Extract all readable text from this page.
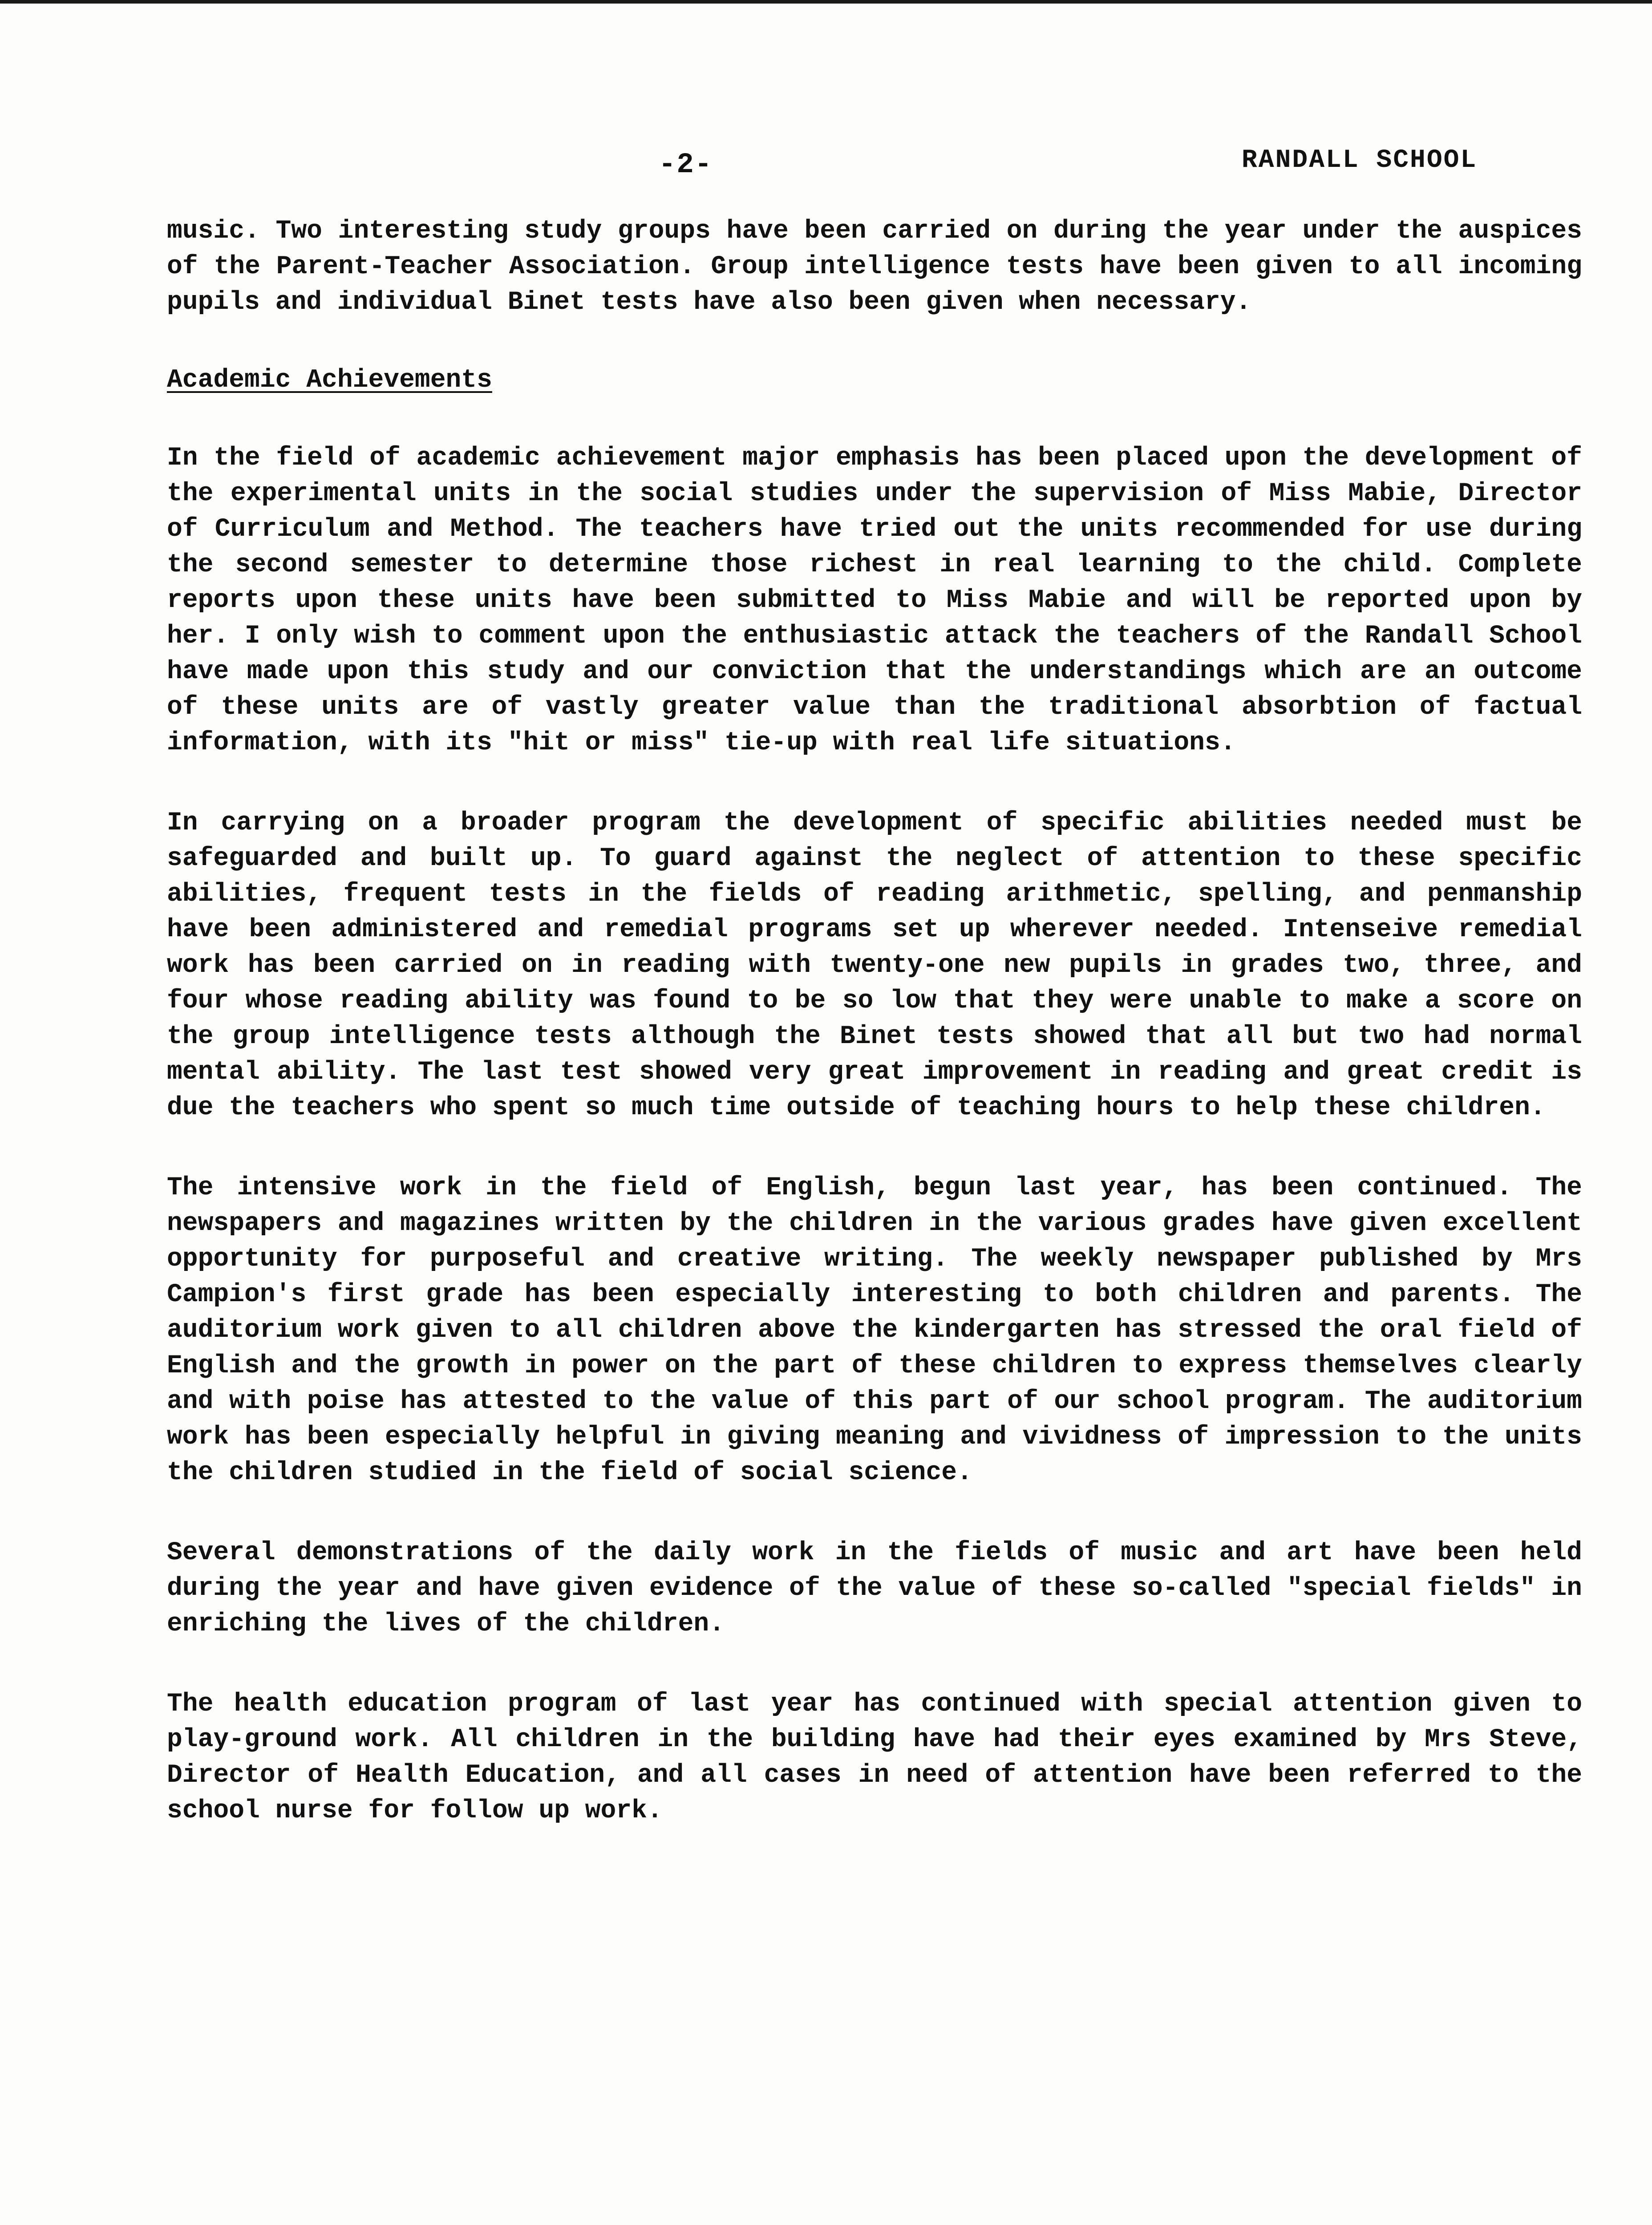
-2-	RANDALL SCHOOL

music. Two interesting study groups have been carried on during the year under the auspices of the Parent-Teacher Association. Group intelligence tests have been given to all incoming pupils and individual Binet tests have also been given when necessary.

Academic Achievements

In the field of academic achievement major emphasis has been placed upon the development of the experimental units in the social studies under the supervision of Miss Mabie, Director of Curriculum and Method. The teachers have tried out the units recommended for use during the second semester to determine those richest in real learning to the child. Complete reports upon these units have been submitted to Miss Mabie and will be reported upon by her. I only wish to comment upon the enthusiastic attack the teachers of the Randall School have made upon this study and our conviction that the understandings which are an outcome of these units are of vastly greater value than the traditional absorbtion of factual information, with its "hit or miss" tie-up with real life situations.

In carrying on a broader program the development of specific abilities needed must be safeguarded and built up. To guard against the neglect of attention to these specific abilities, frequent tests in the fields of reading arithmetic, spelling, and penmanship have been administered and remedial programs set up wherever needed. Intenseive remedial work has been carried on in reading with twenty-one new pupils in grades two, three, and four whose reading ability was found to be so low that they were unable to make a score on the group intelligence tests although the Binet tests showed that all but two had normal mental ability. The last test showed very great improvement in reading and great credit is due the teachers who spent so much time outside of teaching hours to help these children.

The intensive work in the field of English, begun last year, has been continued. The newspapers and magazines written by the children in the various grades have given excellent opportunity for purposeful and creative writing. The weekly newspaper published by Mrs Campion's first grade has been especially interesting to both children and parents. The auditorium work given to all children above the kindergarten has stressed the oral field of English and the growth in power on the part of these children to express themselves clearly and with poise has attested to the value of this part of our school program. The auditorium work has been especially helpful in giving meaning and vividness of impression to the units the children studied in the field of social science.

Several demonstrations of the daily work in the fields of music and art have been held during the year and have given evidence of the value of these so-called "special fields" in enriching the lives of the children.

The health education program of last year has continued with special attention given to play-ground work. All children in the building have had their eyes examined by Mrs Steve, Director of Health Education, and all cases in need of attention have been referred to the school nurse for follow up work.
